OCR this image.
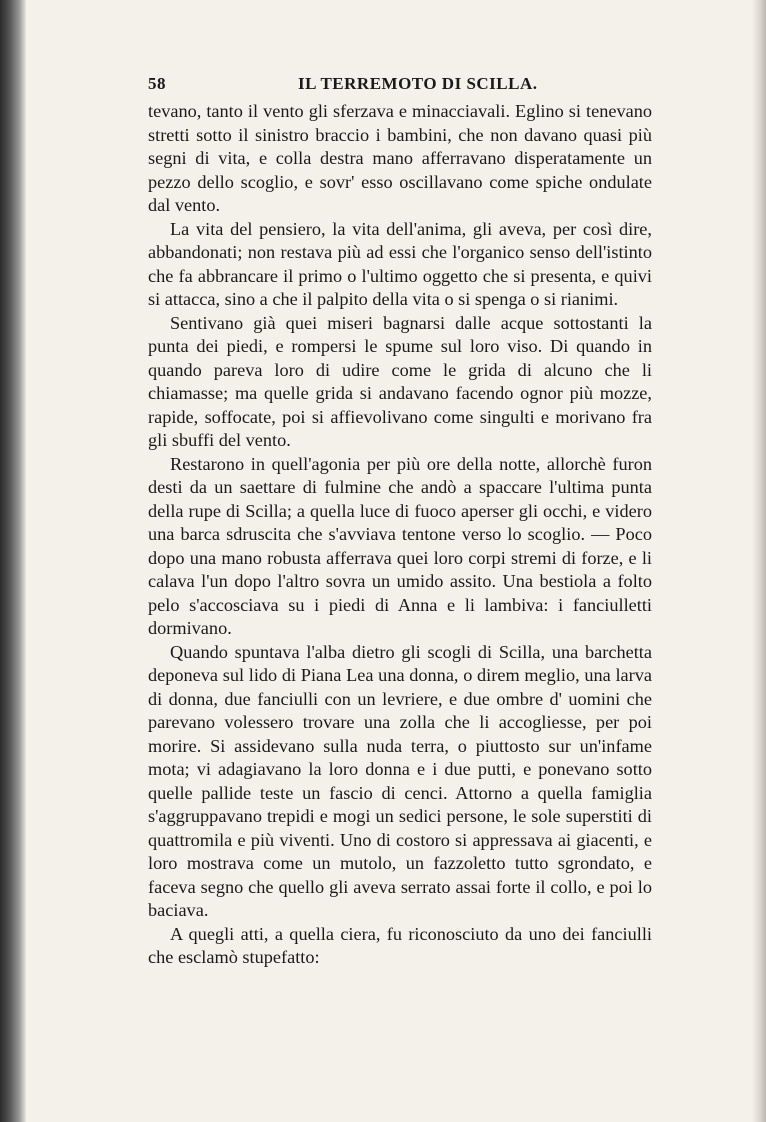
58	IL TERREMOTO DI SCILLA.

tevano, tanto il vento gli sferzava e minacciavali. Eglino si tenevano stretti sotto il sinistro braccio i bambini, che non davano quasi più segni di vita, e colla destra mano afferravano disperatamente un pezzo dello scoglio, e sovr' esso oscillavano come spiche ondulate dal vento.

La vita del pensiero, la vita dell'anima, gli aveva, per così dire, abbandonati; non restava più ad essi che l'organico senso dell'istinto che fa abbrancare il primo o l'ultimo oggetto che si presenta, e quivi si attacca, sino a che il palpito della vita o si spenga o si rianimi.

Sentivano già quei miseri bagnarsi dalle acque sottostanti la punta dei piedi, e rompersi le spume sul loro viso. Di quando in quando pareva loro di udire come le grida di alcuno che li chiamasse; ma quelle grida si andavano facendo ognor più mozze, rapide, soffocate, poi si affievolivano come singulti e morivano fra gli sbuffi del vento.

Restarono in quell'agonia per più ore della notte, allorchè furon desti da un saettare di fulmine che andò a spaccare l'ultima punta della rupe di Scilla; a quella luce di fuoco aperser gli occhi, e videro una barca sdruscita che s'avviava tentone verso lo scoglio. — Poco dopo una mano robusta afferrava quei loro corpi stremi di forze, e li calava l'un dopo l'altro sovra un umido assito. Una bestiola a folto pelo s'accosciava su i piedi di Anna e li lambiva: i fanciulletti dormivano.

Quando spuntava l'alba dietro gli scogli di Scilla, una barchetta deponeva sul lido di Piana Lea una donna, o direm meglio, una larva di donna, due fanciulli con un levriere, e due ombre d' uomini che parevano volessero trovare una zolla che li accogliesse, per poi morire. Si assidevano sulla nuda terra, o piuttosto sur un'infame mota; vi adagiavano la loro donna e i due putti, e ponevano sotto quelle pallide teste un fascio di cenci. Attorno a quella famiglia s'aggruppavano trepidi e mogi un sedici persone, le sole superstiti di quattromila e più viventi. Uno di costoro si appressava ai giacenti, e loro mostrava come un mutolo, un fazzoletto tutto sgrondato, e faceva segno che quello gli aveva serrato assai forte il collo, e poi lo baciava.

A quegli atti, a quella ciera, fu riconosciuto da uno dei fanciulli che esclamò stupefatto:
